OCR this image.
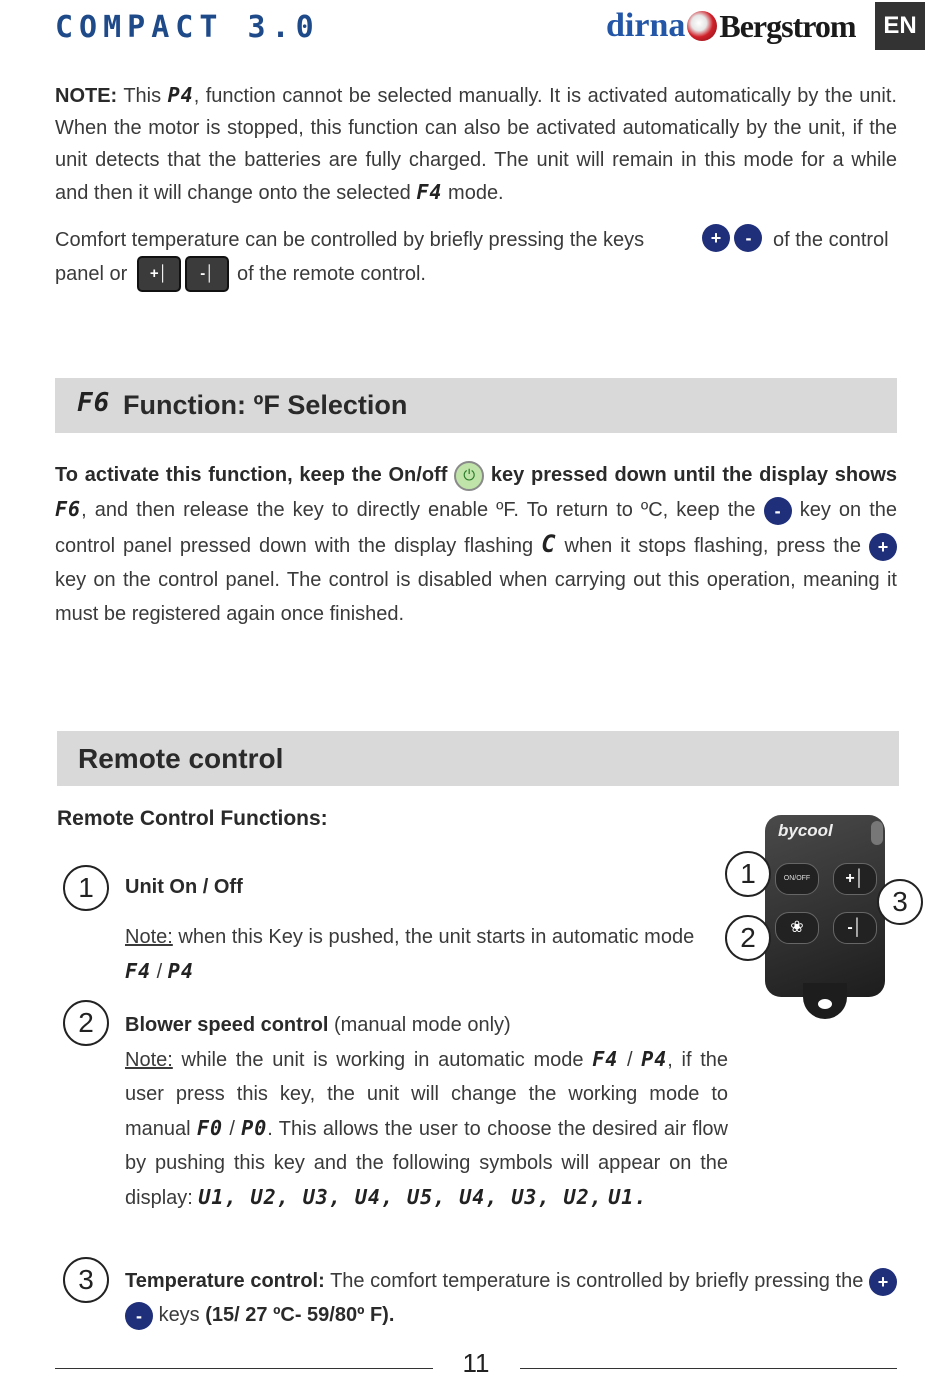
COMPACT 3.0	dirna Bergstrom	EN
NOTE: This P4, function cannot be selected manually. It is activated automatically by the unit. When the motor is stopped, this function can also be activated automatically by the unit, if the unit detects that the batteries are fully charged. The unit will remain in this mode for a while and then it will change onto the selected F4 mode.
Comfort temperature can be controlled by briefly pressing the keys	+ -	of the control
panel or	+│ -│	of the remote control.
F6 Function: ºF Selection
To activate this function, keep the On/off ⏻ key pressed down until the display shows F6, and then release the key to directly enable ºF. To return to ºC, keep the - key on the control panel pressed down with the display flashing C when it stops flashing, press the + key on the control panel. The control is disabled when carrying out this operation, meaning it must be registered again once finished.
Remote control
Remote Control Functions:
1	Unit On / Off
Note: when this Key is pushed, the unit starts in automatic mode F4 / P4
2	Blower speed control (manual mode only)
Note: while the unit is working in automatic mode F4 / P4, if the user press this key, the unit will change the working mode to manual F0 / P0. This allows the user to choose the desired air flow by pushing this key and the following symbols will appear on the display: U1, U2, U3, U4, U5, U4, U3, U2, U1.
3	Temperature control: The comfort temperature is controlled by briefly pressing the + - keys (15/ 27 ºC- 59/80º F).
bycool
ON/OFF	+│
❀	-│
1
2
3
11
